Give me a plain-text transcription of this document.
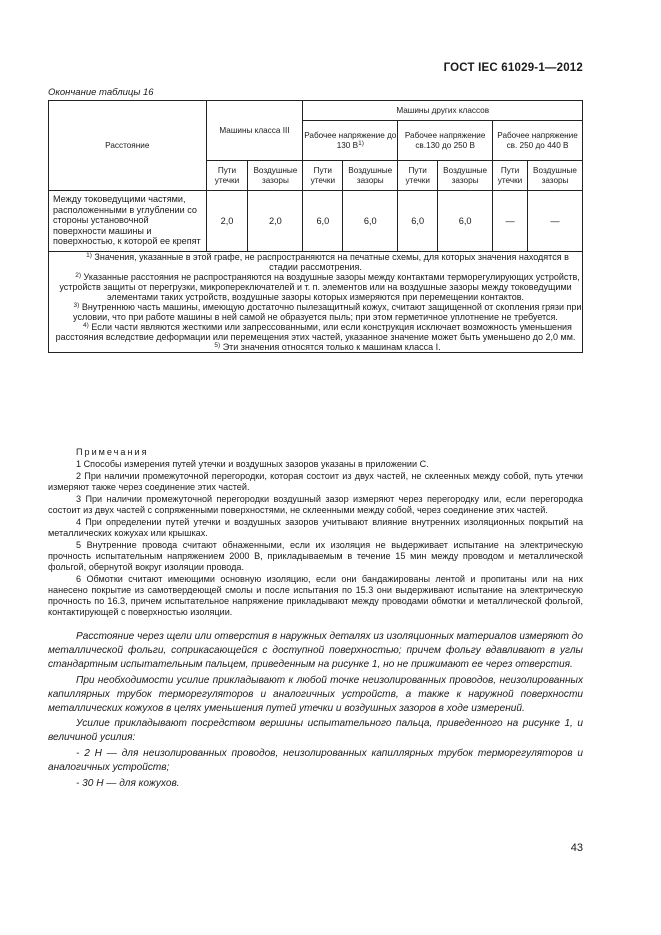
ГОСТ IEC 61029-1—2012
Окончание таблицы 16
Расстояние	Машины класса III		Машины других классов					
			Рабочее напряжение до 130 $В^{1)}$		Рабочее напряжение св.130 до 250 В		Рабочее напряжение св. 250 до 440 В	
	Пути утечки	Воздушные зазоры	Пути утечки	Воздушные зазоры	Пути утечки	Воздушные зазоры	Пути утечки	Воздушные зазоры
Между токоведущими частями, расположенными в углублении со стороны установочной поверхности машины и поверхностью, к которой ее крепят	2,0	2,0	6,0	6,0	6,0	6,0	—	—

$^{1)}$ Значения, указанные в этой графе, не распространяются на печатные схемы, для которых значения находятся в стадии рассмотрения.

$^{2)}$ Указанные расстояния не распространяются на воздушные зазоры между контактами терморегулирующих устройств, устройств защиты от перегрузки, микропереключателей и т. п. элементов или на воздушные зазоры между токоведущими элементами таких устройств, воздушные зазоры которых измеряются при перемещении контактов.

$^{3)}$ Внутреннюю часть машины, имеющую достаточно пылезащитный кожух, считают защищенной от скопления грязи при условии, что при работе машины в ней самой не образуется пыль; при этом герметичное уплотнение не требуется.

$^{4)}$ Если части являются жесткими или запрессованными, или если конструкция исключает возможность уменьшения расстояния вследствие деформации или перемещения этих частей, указанное значение может быть уменьшено до 2,0 мм.

$^{5)}$ Эти значения относятся только к машинам класса I.								

Примечания

1 Способы измерения путей утечки и воздушных зазоров указаны в приложении С.

2 При наличии промежуточной перегородки, которая состоит из двух частей, не склеенных между собой, путь утечки измеряют также через соединение этих частей.

3 При наличии промежуточной перегородки воздушный зазор измеряют через перегородку или, если перегородка состоит из двух частей с сопряженными поверхностями, не склеенными между собой, через соединение этих частей.

4 При определении путей утечки и воздушных зазоров учитывают влияние внутренних изоляционных покрытий на металлических кожухах или крышках.

5 Внутренние провода считают обнаженными, если их изоляция не выдерживает испытание на электрическую прочность испытательным напряжением 2000 В, прикладываемым в течение 15 мин между проводом и металлической фольгой, обернутой вокруг изоляции провода.

6 Обмотки считают имеющими основную изоляцию, если они бандажированы лентой и пропитаны или на них нанесено покрытие из самотвердеющей смолы и после испытания по 15.3 они выдерживают испытание на электрическую прочность по 16.3, причем испытательное напряжение прикладывают между проводами обмотки и металлической фольгой, контактирующей с поверхностью изоляции.

Расстояние через щели или отверстия в наружных деталях из изоляционных материалов измеряют до металлической фольги, соприкасающейся с доступной поверхностью; причем фольгу вдавливают в углы стандартным испытательным пальцем, приведенным на рисунке 1, но не прижимают ее через отверстия.

При необходимости усилие прикладывают к любой точке неизолированных проводов, неизолированных капиллярных трубок терморегуляторов и аналогичных устройств, а также к наружной поверхности металлических кожухов в целях уменьшения путей утечки и воздушных зазоров в ходе измерений.

Усилие прикладывают посредством вершины испытательного пальца, приведенного на рисунке 1, и величиной усилия:

- 2 Н — для неизолированных проводов, неизолированных капиллярных трубок терморегуляторов и аналогичных устройств;

- 30 Н — для кожухов.

43
